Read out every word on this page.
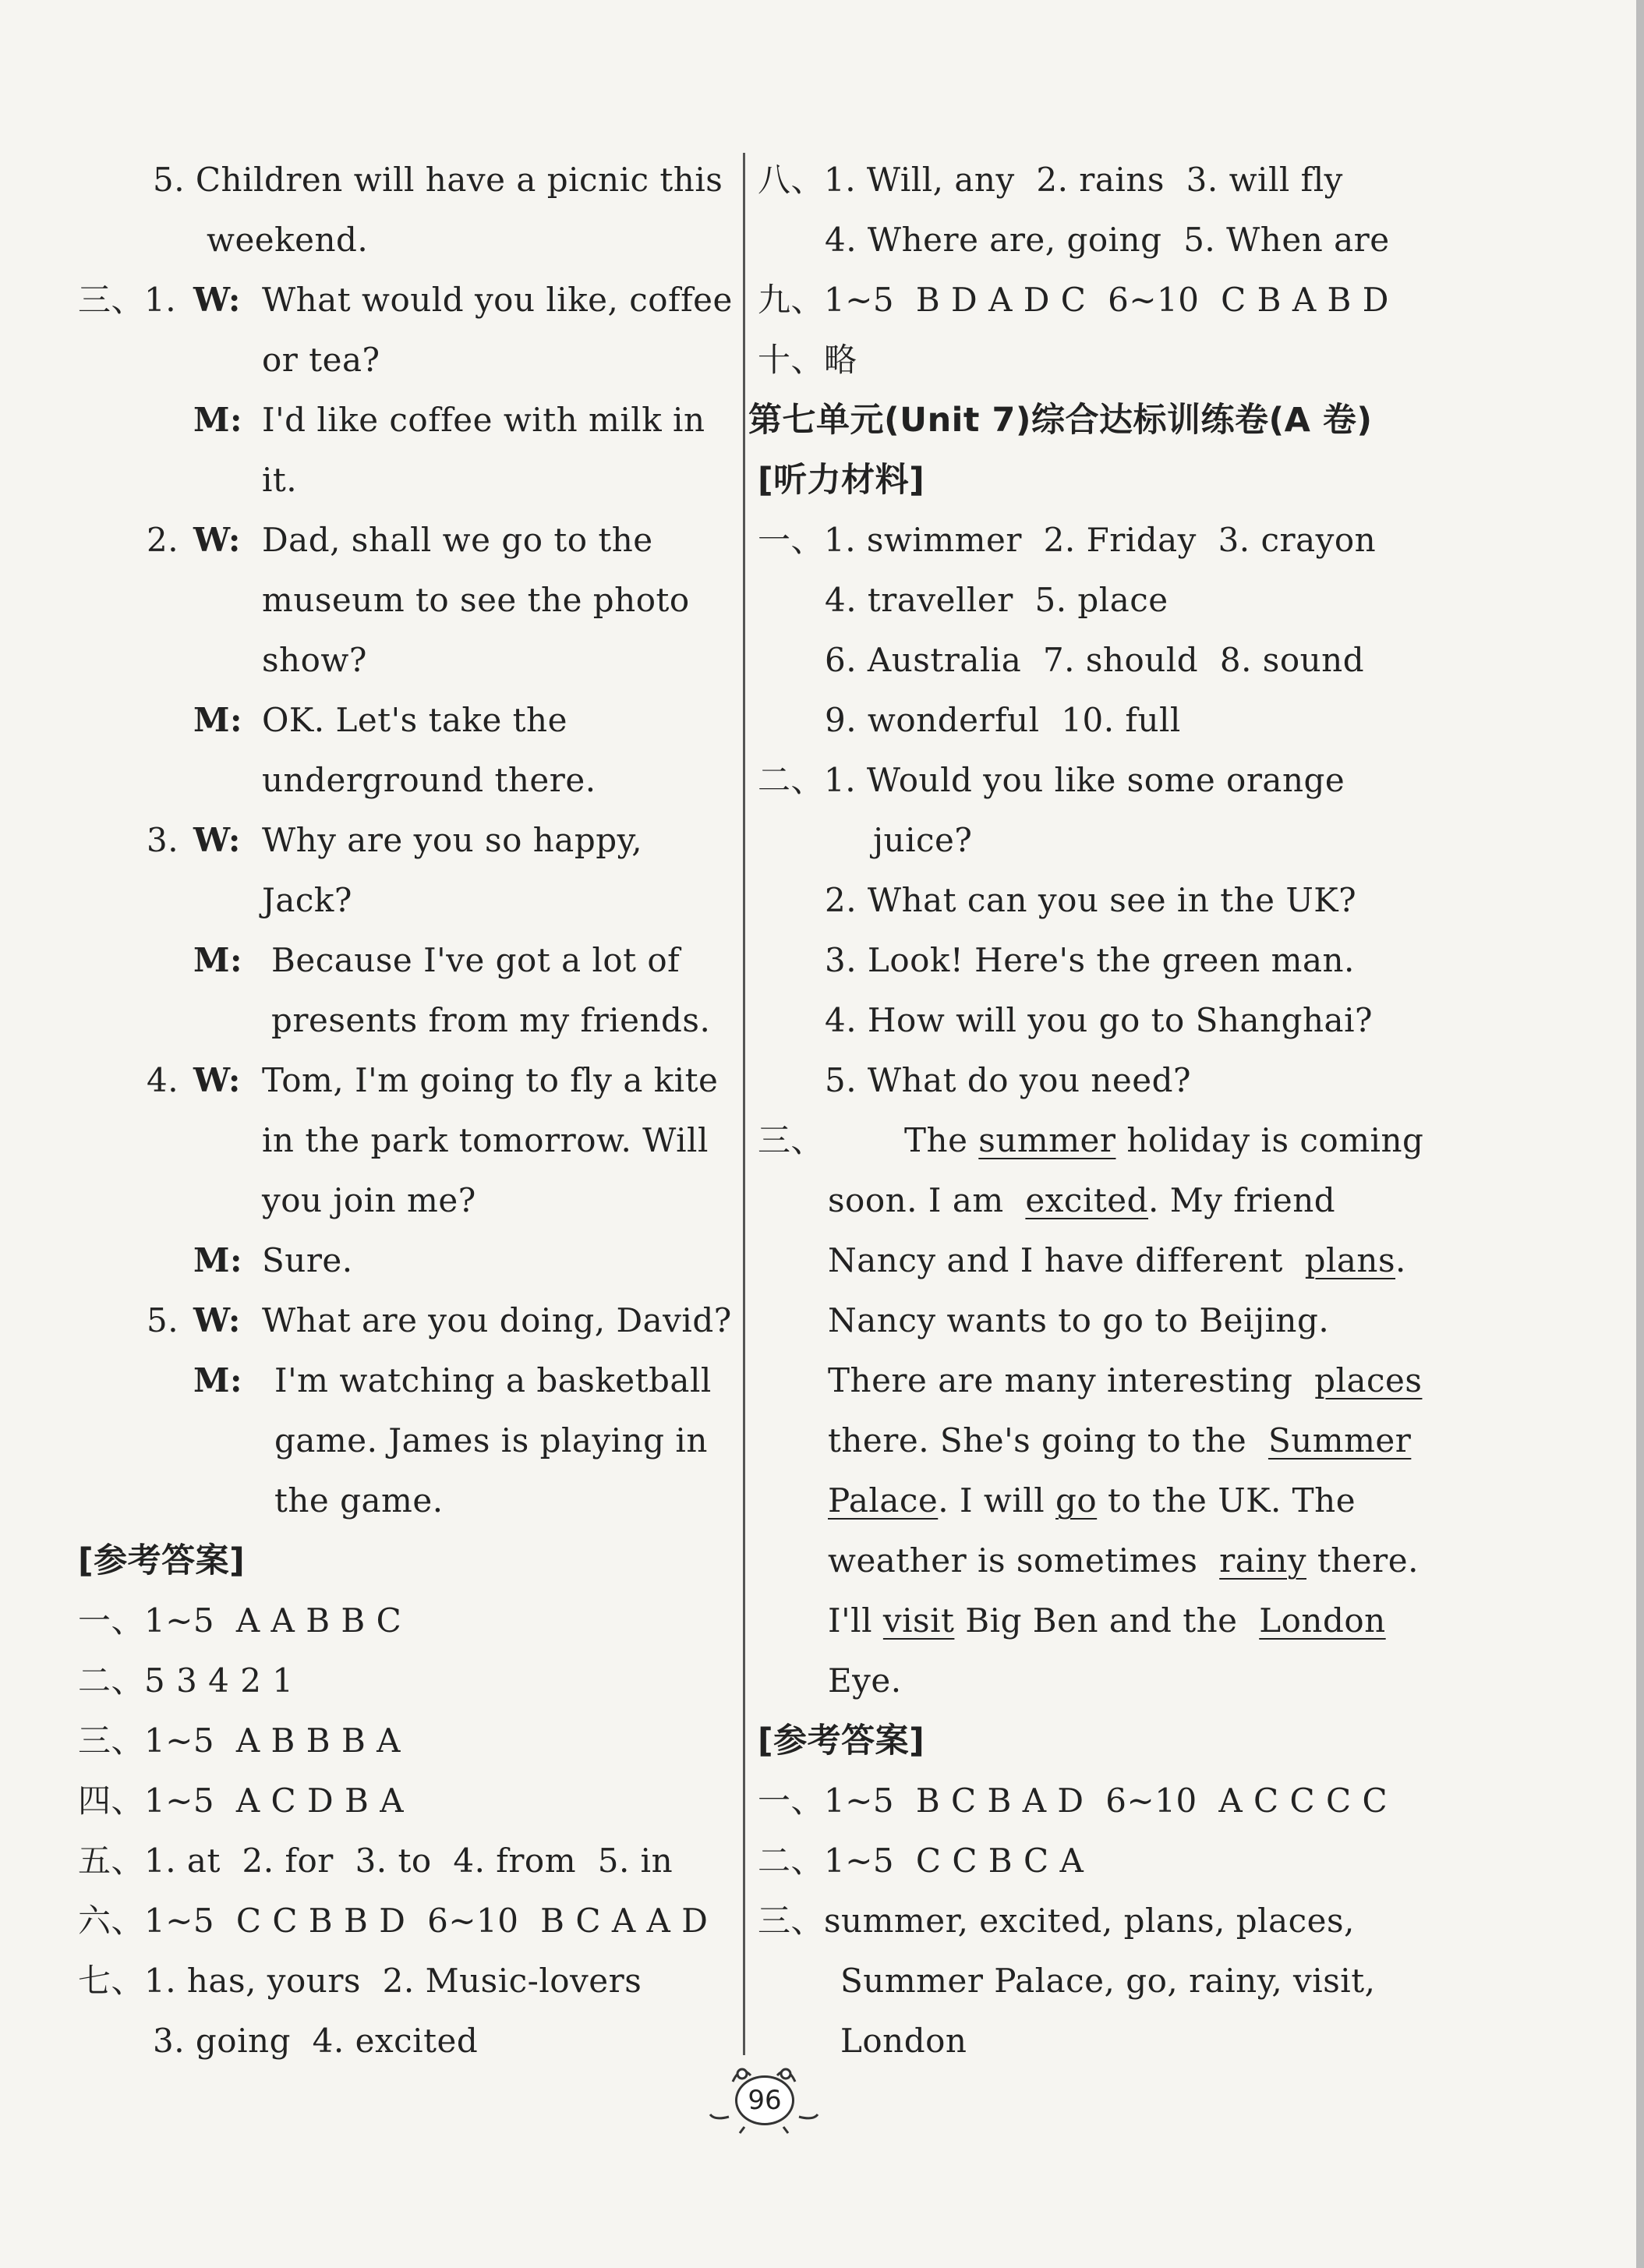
5. Children will have a picnic this
weekend.
三、1. W: What would you like, coffee
or tea?
M: I'd like coffee with milk in
it.
2. W: Dad, shall we go to the
museum to see the photo
show?
M: OK. Let's take the
underground there.
3. W: Why are you so happy,
Jack?
M: Because I've got a lot of
presents from my friends.
4. W: Tom, I'm going to fly a kite
in the park tomorrow. Will
you join me?
M: Sure.
5. W: What are you doing, David?
M: I'm watching a basketball
game. James is playing in
the game.
[参考答案]
一、1~5  A A B B C
二、5 3 4 2 1
三、1~5  A B B B A
四、1~5  A C D B A
五、1. at  2. for  3. to  4. from  5. in
六、1~5  C C B B D  6~10  B C A A D
七、1. has, yours  2. Music-lovers
3. going  4. excited
八、1. Will, any  2. rains  3. will fly
4. Where are, going  5. When are
九、1~5  B D A D C  6~10  C B A B D
十、略
第七单元(Unit 7)综合达标训练卷(A 卷)
[听力材料]
一、1. swimmer  2. Friday  3. crayon
4. traveller  5. place
6. Australia  7. should  8. sound
9. wonderful  10. full
二、1. Would you like some orange
juice?
2. What can you see in the UK?
3. Look! Here's the green man.
4. How will you go to Shanghai?
5. What do you need?
三、 The summer holiday is coming
soon. I am excited. My friend
Nancy and I have different plans.
Nancy wants to go to Beijing.
There are many interesting places
there. She's going to the Summer
Palace. I will go to the UK. The
weather is sometimes rainy there.
I'll visit Big Ben and the London
Eye.
[参考答案]
一、1~5  B C B A D  6~10  A C C C C
二、1~5  C C B C A
三、summer, excited, plans, places,
Summer Palace, go, rainy, visit,
London
96
